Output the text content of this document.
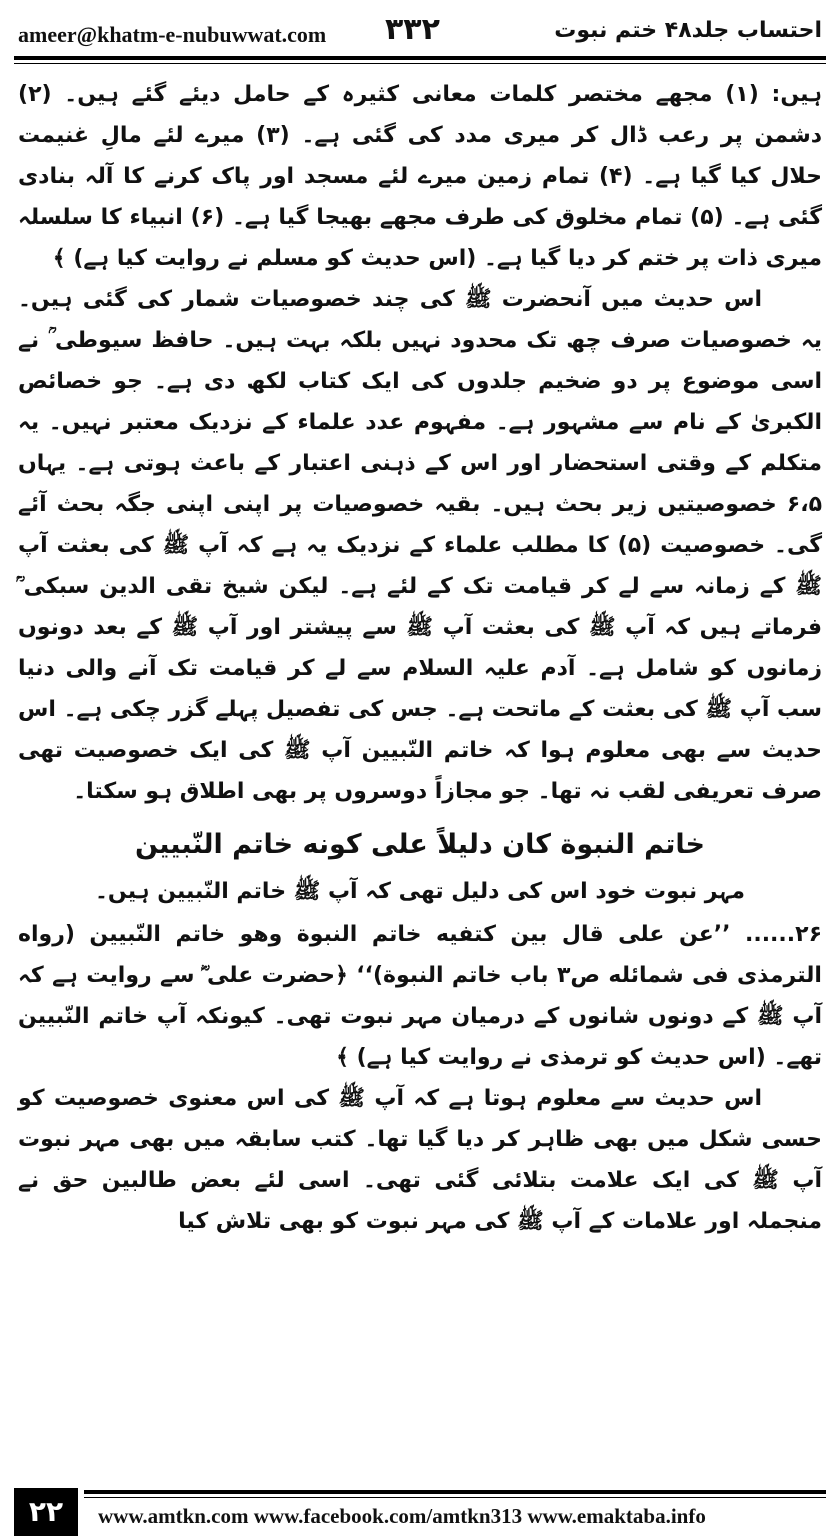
ameer@khatm-e-nubuwwat.com ۳۳۲	احتساب جلد۴۸ ختم نبوت

ہیں: (۱) مجھے مختصر کلمات معانی کثیرہ کے حامل دیئے گئے ہیں۔ (۲) دشمن پر رعب ڈال کر میری مدد کی گئی ہے۔ (۳) میرے لئے مالِ غنیمت حلال کیا گیا ہے۔ (۴) تمام زمین میرے لئے مسجد اور پاک کرنے کا آلہ بنادی گئی ہے۔ (۵) تمام مخلوق کی طرف مجھے بھیجا گیا ہے۔ (۶) انبیاء کا سلسلہ میری ذات پر ختم کر دیا گیا ہے۔ (اس حدیث کو مسلم نے روایت کیا ہے) ﴾

اس حدیث میں آنحضرت ﷺ کی چند خصوصیات شمار کی گئی ہیں۔ یہ خصوصیات صرف چھ تک محدود نہیں بلکہ بہت ہیں۔ حافظ سیوطی ؒ نے اسی موضوع پر دو ضخیم جلدوں کی ایک کتاب لکھ دی ہے۔ جو خصائص الکبریٰ کے نام سے مشہور ہے۔ مفہوم عدد علماء کے نزدیک معتبر نہیں۔ یہ متکلم کے وقتی استحضار اور اس کے ذہنی اعتبار کے باعث ہوتی ہے۔ یہاں ۶،۵ خصوصیتیں زیر بحث ہیں۔ بقیہ خصوصیات پر اپنی اپنی جگہ بحث آئے گی۔ خصوصیت (۵) کا مطلب علماء کے نزدیک یہ ہے کہ آپ ﷺ کی بعثت آپ ﷺ کے زمانہ سے لے کر قیامت تک کے لئے ہے۔ لیکن شیخ تقی الدین سبکی ؒ فرماتے ہیں کہ آپ ﷺ کی بعثت آپ ﷺ سے پیشتر اور آپ ﷺ کے بعد دونوں زمانوں کو شامل ہے۔ آدم علیہ السلام سے لے کر قیامت تک آنے والی دنیا سب آپ ﷺ کی بعثت کے ماتحت ہے۔ جس کی تفصیل پہلے گزر چکی ہے۔ اس حدیث سے بھی معلوم ہوا کہ خاتم النّبیین آپ ﷺ کی ایک خصوصیت تھی صرف تعریفی لقب نہ تھا۔ جو مجازاً دوسروں پر بھی اطلاق ہو سکتا۔

خاتم النبوة كان دليلاً على كونه خاتم النّبيين

مہر نبوت خود اس کی دلیل تھی کہ آپ ﷺ خاتم النّبیین ہیں۔

۲۶...... ’’عن علی قال بین کتفیه خاتم النبوة وهو خاتم النّبیین (رواه الترمذی فی شمائله ص۳ باب خاتم النبوة)‘‘ ﴿حضرت علی ؓ سے روایت ہے کہ آپ ﷺ کے دونوں شانوں کے درمیان مہر نبوت تھی۔ کیونکہ آپ خاتم النّبیین تھے۔ (اس حدیث کو ترمذی نے روایت کیا ہے) ﴾

اس حدیث سے معلوم ہوتا ہے کہ آپ ﷺ کی اس معنوی خصوصیت کو حسی شکل میں بھی ظاہر کر دیا گیا تھا۔ کتب سابقہ میں بھی مہر نبوت آپ ﷺ کی ایک علامت بتلائی گئی تھی۔ اسی لئے بعض طالبین حق نے منجملہ اور علامات کے آپ ﷺ کی مہر نبوت کو بھی تلاش کیا

۲۲	www.amtkn.com www.facebook.com/amtkn313 www.emaktaba.info
